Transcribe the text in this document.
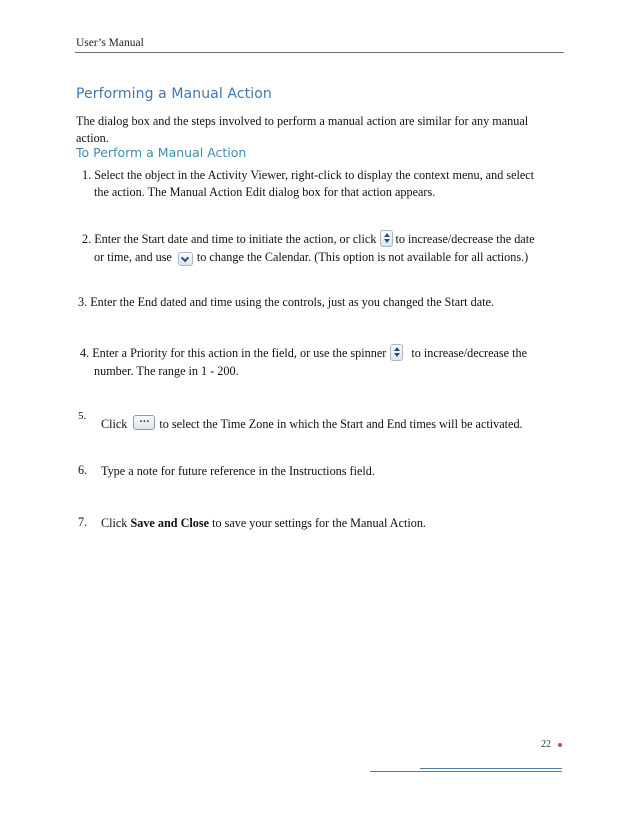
User’s Manual
Performing a Manual Action
The dialog box and the steps involved to perform a manual action are similar for any manual action.
To Perform a Manual Action
1. Select the object in the Activity Viewer, right-click to display the context menu, and select
the action. The Manual Action Edit dialog box for that action appears.
2. Enter the Start date and time to initiate the action, or click to increase/decrease the date
or time, and use to change the Calendar. (This option is not available for all actions.)
3. Enter the End dated and time using the controls, just as you changed the Start date.
4. Enter a Priority for this action in the field, or use the spinner to increase/decrease the
number. The range in 1 - 200.
5.
Click ... to select the Time Zone in which the Start and End times will be activated.
6. Type a note for future reference in the Instructions field.
7. Click Save and Close to save your settings for the Manual Action.
22
